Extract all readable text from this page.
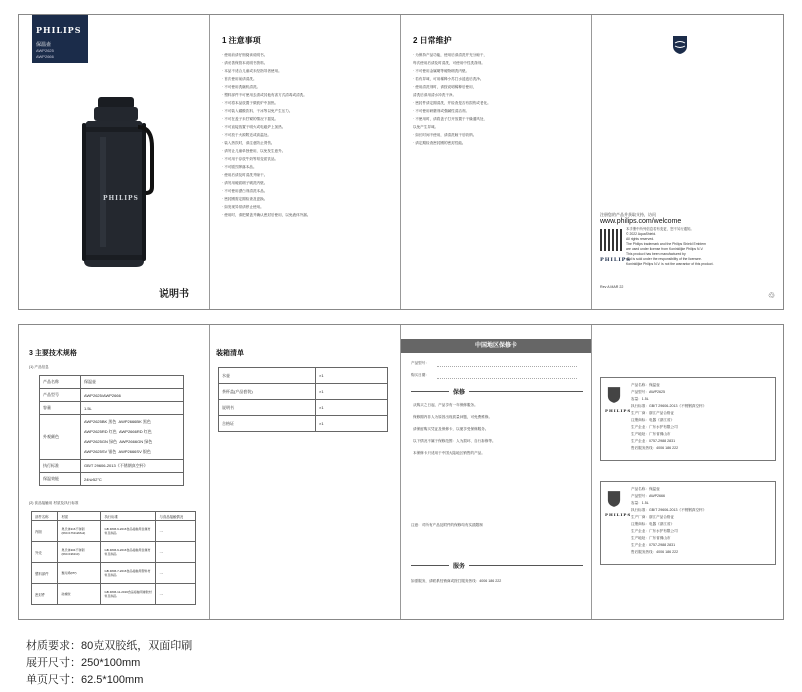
PHILIPS
保温壶
AWP2625
AWP2666
PHILIPS
说明书
1 注意事项
· 使用前请仔细阅读说明书。
· 请妥善保管本说明书资料。
· 本品不适合儿童或未经指导者使用。
· 首次使用前请清洗。
· 不可使用洗碗机清洗。
· 塑料部件不可使用去渍或其他有害方式清毒或清洗。
· 不可将本品放置于微波炉中加热。
· 不可装入碳酸饮料、干冰等以免产生压力。
· 不可在盖子未拧紧的情况下摇晃。
· 不可直接放置于明火或电磁炉上加热。
· 不可放于火源附近或高温处。
· 装入热饮时，请注意防止烫伤。
· 请勿让儿童单独使用，以免发生意外。
· 不可用于存放牛奶等易变质饮品。
· 不可剧烈摔落本品。
· 使用后请及时清洗并晾干。
· 请勿用硬质刷子刷洗内壁。
· 不可使用漂白剂清洗本品。
· 密封圈需定期检查及更换。
· 如发现异常请停止使用。
· 使用时，请把紧盖并确认密封后使用，以免液体外漏。
2 日常维护
· 为保持产品功能，使用后请清洗并充分晾干，
每次使用后请及时清洗，可使用中性洗涤剂。
· 不可使用金属刷等硬物刷洗内壁。
· 若有异味，可用稀释小苏打水浸泡后洗净。
· 使用清洗剂时，请按说明稀释后使用，
清洗后请用清水冲洗干净。
· 密封件请定期清洗，并检查是否有损伤或老化。
· 不可使用研磨剂或强碱性清洁剂。
· 不使用时，请将盖子打开放置于干燥通风处，
以免产生异味。
· 如长时间不使用，请清洗晾干后收纳。
· 请定期检查密封圈的密封性能。
注册您的产品并获取支持，访问
www.philips.com/welcome
PHILIPS
本手册中所列信息若有变更，恕不另行通知。
© 2022 AquaShield.
All rights reserved.
The Philips trademark and the Philips Shield Emblem
are used under license from Koninklijke Philips N.V.
This product has been manufactured by
and is sold under the responsibility of the licensee.
Koninklijke Philips N.V. is not the warrantor of this product.
Rev A MAR 22
♲
3 主要技术规格
(1) 产品信息
产品名称	保温壶
产品型号	AWP2625/AWP2666
容量	1.5L
外观颜色	AWP2625BK 黑色 AWP2666BK 黑色
AWP2625RD 红色 AWP2666RD 红色
AWP2625GN 绿色 AWP2666GN 绿色
AWP2625SV 银色 AWP2666SV 银色

执行标准	GB/T 29606-2013《不锈钢真空杯》
保温效能	24h≥52°C
(2) 食品接触用 材质及执行标准
部件名称	材质	执行标准	与食品接触情况
内胆	奥氏体316不锈钢(06Cr17Ni12Mo2)	GB 4806.9-2016食品接触用金属材料及制品	一
外壳	奥氏体304不锈钢(06Cr19Ni10)	GB 4806.9-2016食品接触用金属材料及制品	一
塑料部件	聚丙烯(PP)	GB 4806.7-2016食品接触用塑料材料及制品	一
密封件	硅橡胶	GB 4806.11-2016食品接触用橡胶材料及制品	一
装箱清单
水壶	×1
茶杯盖(产品套装)	×1
说明书	×1
合格证	×1
中国地区保修卡
产品型号：
购买日期：
保修
从购买之日起，产品享有一年保修服务。
保修期内非人为原因出现质量问题，可免费维修。
请保留购买凭证及保修卡，以便享受保修服务。
以下情况不属于保修范围：人为损坏、自行拆修等。
本保修卡只适用于中国大陆地区销售的产品。
注意：对所有产品及附件的保修均有实践限制
服务
如需服务，请联系经销商或拨打服务热线：4006 186 222
PHILIPS
产品名称：保温壶
产品型号：AWP2625
容量：1.5L
执行标准：GB/T 29606-2013《不锈钢真空杯》
生产厂商：浙江产品合格证
注册商标：电器《浙江省》
生产企业：广东水护有限公司
生产地址：广东省佛山市
生产企业：0757-2988 2831
售后服务热线：4006 186 222
PHILIPS
产品名称：保温壶
产品型号：AWP2666
容量：1.5L
执行标准：GB/T 29606-2013《不锈钢真空杯》
生产厂商：浙江产品合格证
注册商标：电器《浙江省》
生产企业：广东水护有限公司
生产地址：广东省佛山市
生产企业：0757-2988 2831
售后服务热线：4006 186 222
材质要求：80克双胶纸，双面印刷
展开尺寸：250*100mm
单页尺寸：62.5*100mm
